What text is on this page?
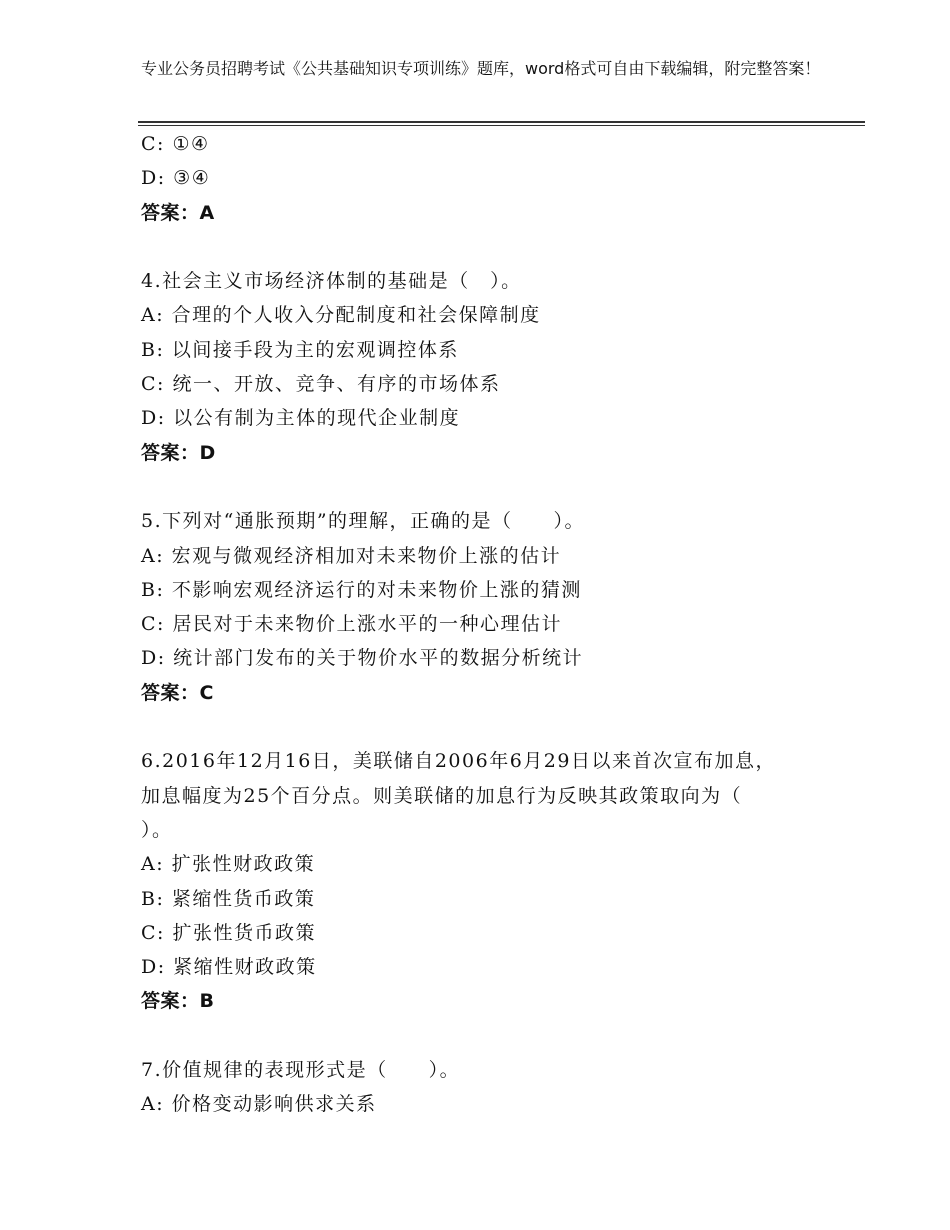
专业公务员招聘考试《公共基础知识专项训练》题库，word格式可自由下载编辑，附完整答案！
C: ①④
D: ③④
答案：A
4.社会主义市场经济体制的基础是（　）。
A: 合理的个人收入分配制度和社会保障制度
B: 以间接手段为主的宏观调控体系
C: 统一、开放、竞争、有序的市场体系
D: 以公有制为主体的现代企业制度
答案：D
5.下列对“通胀预期”的理解，正确的是（　　）。
A: 宏观与微观经济相加对未来物价上涨的估计
B: 不影响宏观经济运行的对未来物价上涨的猜测
C: 居民对于未来物价上涨水平的一种心理估计
D: 统计部门发布的关于物价水平的数据分析统计
答案：C
6.2016年12月16日，美联储自2006年6月29日以来首次宣布加息，
加息幅度为25个百分点。则美联储的加息行为反映其政策取向为（
）。
A: 扩张性财政政策
B: 紧缩性货币政策
C: 扩张性货币政策
D: 紧缩性财政政策
答案：B
7.价值规律的表现形式是（　　）。
A: 价格变动影响供求关系
